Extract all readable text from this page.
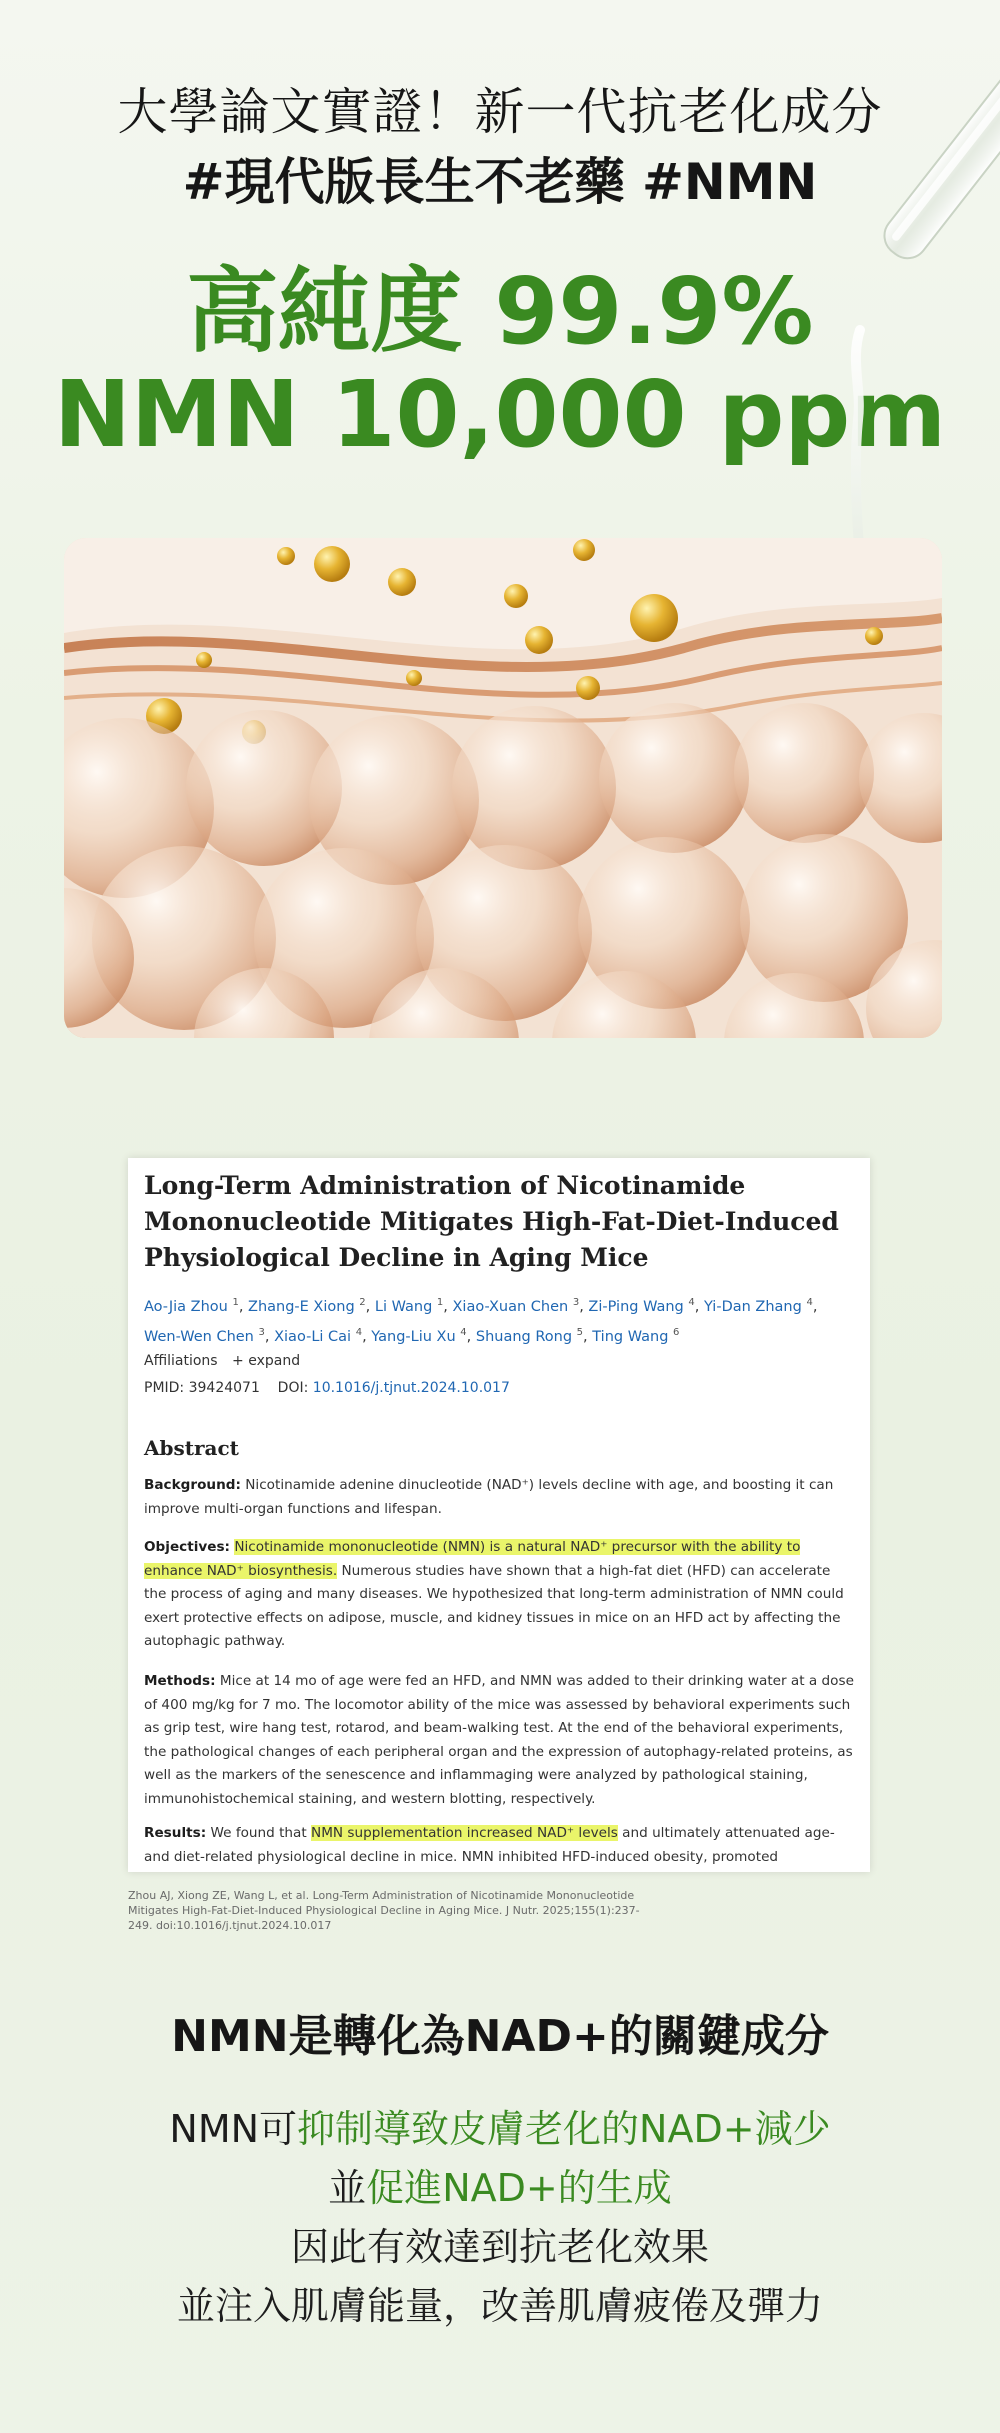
大學論文實證！新一代抗老化成分
#現代版長生不老藥 #NMN
高純度 99.9%
NMN 10,000 ppm
Long-Term Administration of Nicotinamide Mononucleotide Mitigates High-Fat-Diet-Induced Physiological Decline in Aging Mice
Ao-Jia Zhou $^1$, Zhang-E Xiong $^2$, Li Wang $^1$, Xiao-Xuan Chen $^3$, Zi-Ping Wang $^4$, Yi-Dan Zhang $^4$, Wen-Wen Chen $^3$, Xiao-Li Cai $^4$, Yang-Liu Xu $^4$, Shuang Rong $^5$, Ting Wang $^6$
Affiliations + expand
PMID: 39424071 DOI: 10.1016/j.tjnut.2024.10.017
Abstract
Background: Nicotinamide adenine dinucleotide (NAD⁺) levels decline with age, and boosting it can improve multi-organ functions and lifespan.
Objectives: Nicotinamide mononucleotide (NMN) is a natural NAD⁺ precursor with the ability to enhance NAD⁺ biosynthesis. Numerous studies have shown that a high-fat diet (HFD) can accelerate the process of aging and many diseases. We hypothesized that long-term administration of NMN could exert protective effects on adipose, muscle, and kidney tissues in mice on an HFD act by affecting the autophagic pathway.
Methods: Mice at 14 mo of age were fed an HFD, and NMN was added to their drinking water at a dose of 400 mg/kg for 7 mo. The locomotor ability of the mice was assessed by behavioral experiments such as grip test, wire hang test, rotarod, and beam-walking test. At the end of the behavioral experiments, the pathological changes of each peripheral organ and the expression of autophagy-related proteins, as well as the markers of the senescence and inflammaging were analyzed by pathological staining, immunohistochemical staining, and western blotting, respectively.
Results: We found that NMN supplementation increased NAD⁺ levels and ultimately attenuated age- and diet-related physiological decline in mice. NMN inhibited HFD-induced obesity, promoted
Zhou AJ, Xiong ZE, Wang L, et al. Long-Term Administration of Nicotinamide Mononucleotide Mitigates High-Fat-Diet-Induced Physiological Decline in Aging Mice. J Nutr. 2025;155(1):237-249. doi:10.1016/j.tjnut.2024.10.017
NMN是轉化為NAD+的關鍵成分
NMN可抑制導致皮膚老化的NAD+減少
並促進NAD+的生成
因此有效達到抗老化效果
並注入肌膚能量，改善肌膚疲倦及彈力
